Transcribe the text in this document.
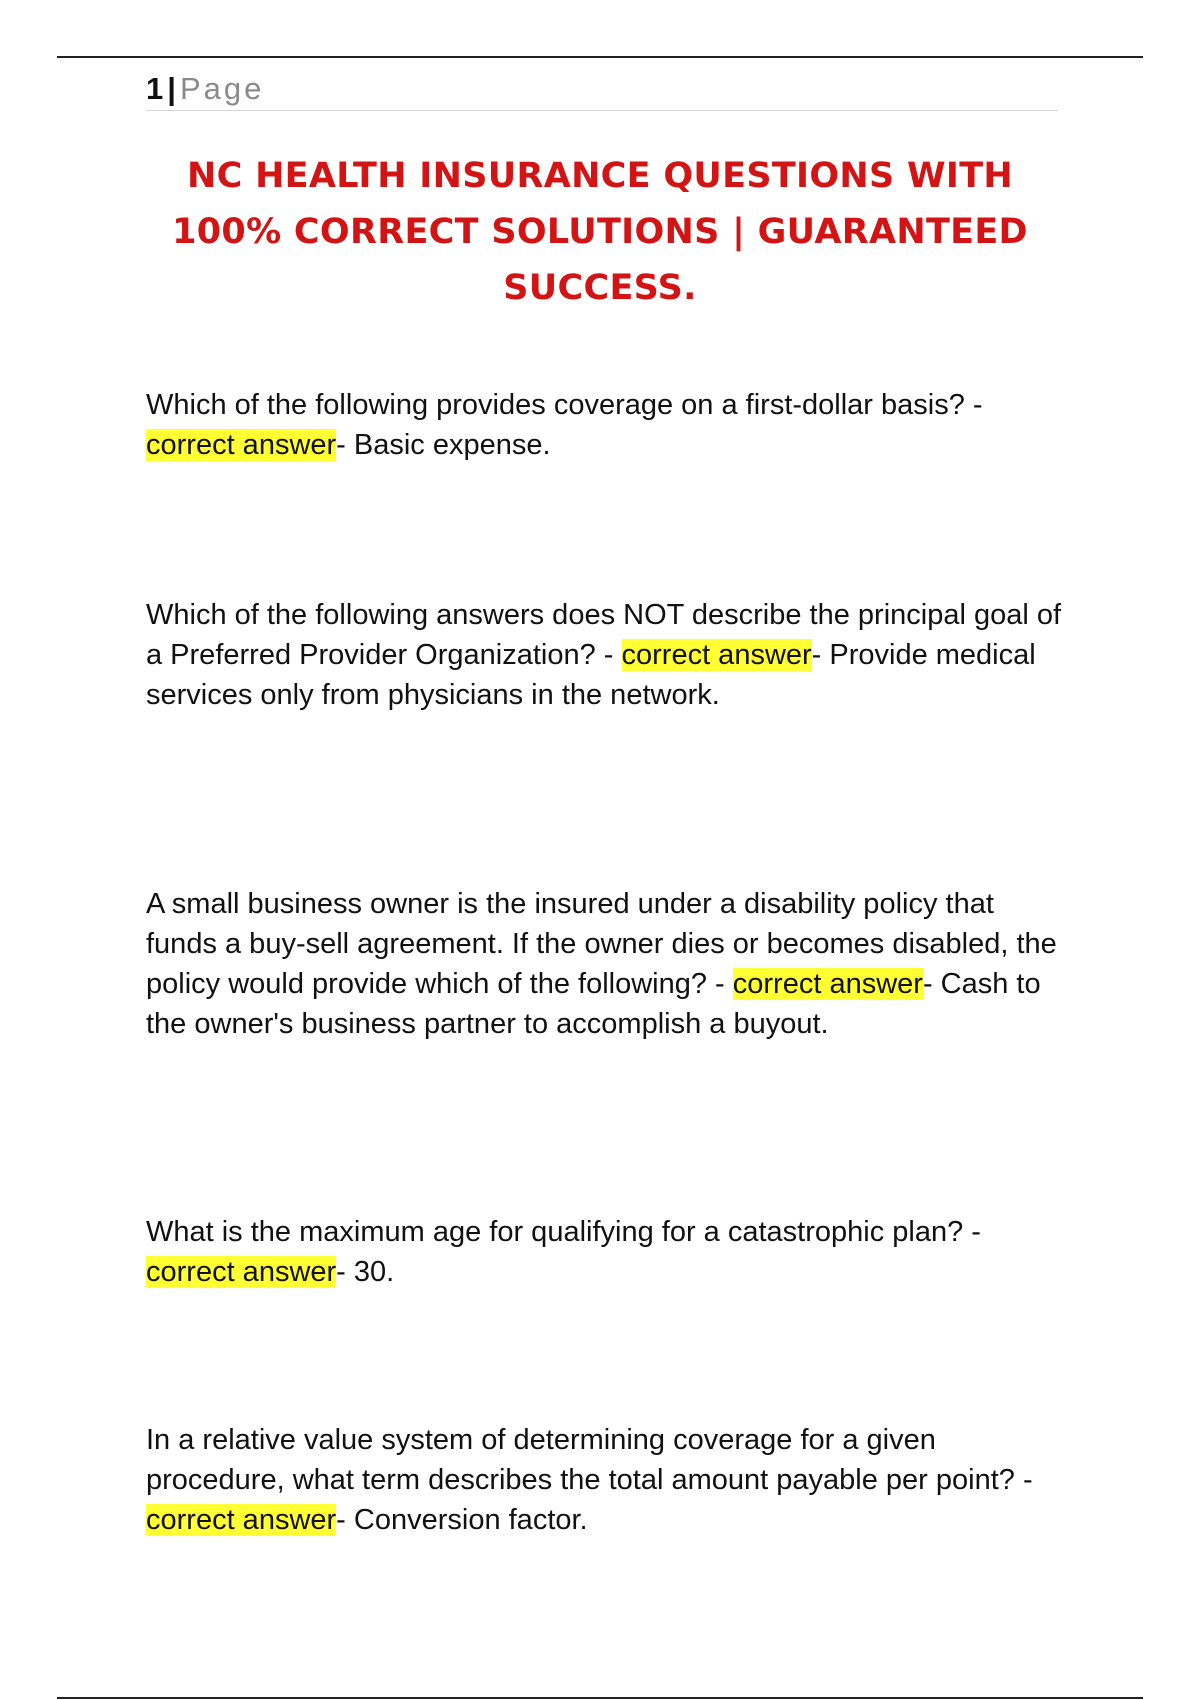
1 | Page
NC HEALTH INSURANCE QUESTIONS WITH 100% CORRECT SOLUTIONS | GUARANTEED SUCCESS.

Which of the following provides coverage on a first-dollar basis? - correct answer- Basic expense.

Which of the following answers does NOT describe the principal goal of a Preferred Provider Organization? - correct answer- Provide medical services only from physicians in the network.

A small business owner is the insured under a disability policy that funds a buy-sell agreement. If the owner dies or becomes disabled, the policy would provide which of the following? - correct answer- Cash to the owner's business partner to accomplish a buyout.

What is the maximum age for qualifying for a catastrophic plan? - correct answer- 30.

In a relative value system of determining coverage for a given procedure, what term describes the total amount payable per point? - correct answer- Conversion factor.
